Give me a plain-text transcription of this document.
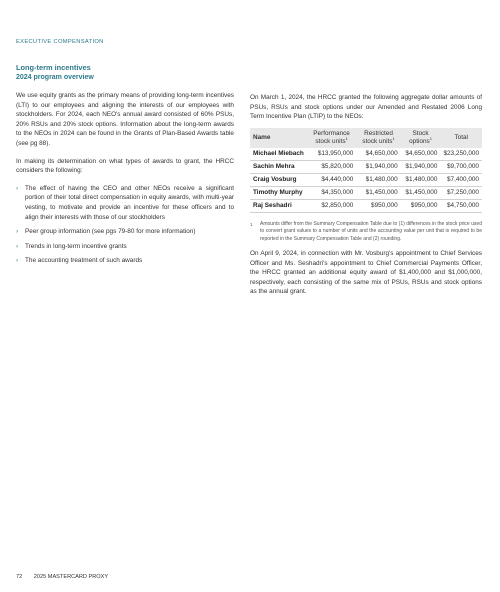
EXECUTIVE COMPENSATION
Long-term incentives
2024 program overview

We use equity grants as the primary means of providing long-term incentives (LTI) to our employees and aligning the interests of our employees with stockholders. For 2024, each NEO's annual award consisted of 60% PSUs, 20% RSUs and 20% stock options. Information about the long-term awards to the NEOs in 2024 can be found in the Grants of Plan-Based Awards table (see pg 88).

In making its determination on what types of awards to grant, the HRCC considers the following:

› The effect of having the CEO and other NEOs receive a significant portion of their total direct compensation in equity awards, with multi-year vesting, to motivate and provide an incentive for these officers and to align their interests with those of our stockholders
› Peer group information (see pgs 79-80 for more information)
› Trends in long-term incentive grants
› The accounting treatment of such awards

On March 1, 2024, the HRCC granted the following aggregate dollar amounts of PSUs, RSUs and stock options under our Amended and Restated 2006 Long Term Incentive Plan (LTIP) to the NEOs:

Name	Performance stock units$^1$	Restricted stock units$^1$	Stock options$^1$	Total
Michael Miebach	$13,950,000	$4,650,000	$4,650,000	$23,250,000
Sachin Mehra	$5,820,000	$1,940,000	$1,940,000	$9,700,000
Craig Vosburg	$4,440,000	$1,480,000	$1,480,000	$7,400,000
Timothy Murphy	$4,350,000	$1,450,000	$1,450,000	$7,250,000
Raj Seshadri	$2,850,000	$950,000	$950,000	$4,750,000
1 Amounts differ from the Summary Compensation Table due to (1) differences in the stock price used to convert grant values to a number of units and the accounting value per unit that is required to be reported in the Summary Compensation Table and (2) rounding.

On April 9, 2024, in connection with Mr. Vosburg's appointment to Chief Services Officer and Ms. Seshadri's appointment to Chief Commercial Payments Officer, the HRCC granted an additional equity award of $1,400,000 and $1,000,000, respectively, each consisting of the same mix of PSUs, RSUs and stock options as the annual grant.

72 2025 MASTERCARD PROXY
